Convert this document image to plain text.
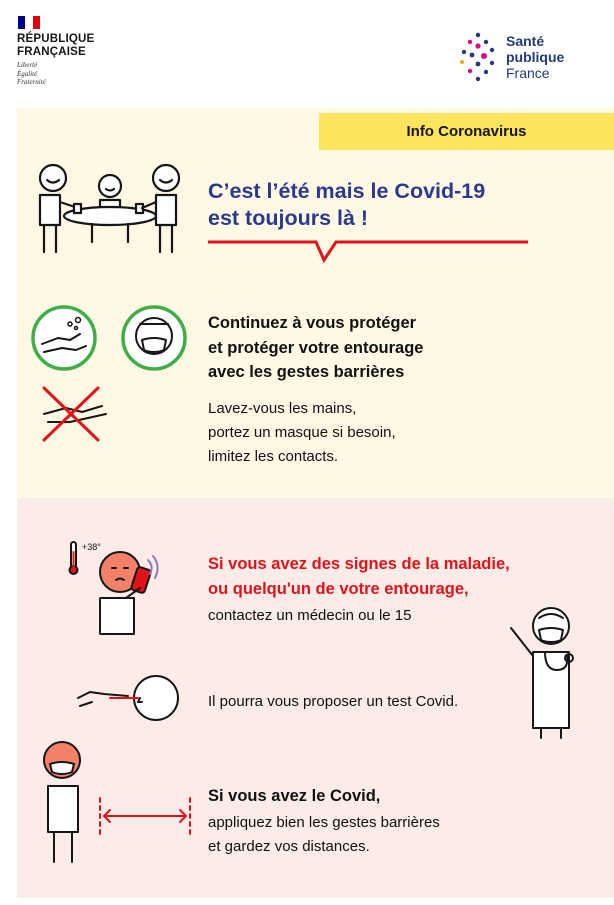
RÉPUBLIQUE
FRANÇAISE
Liberté
Égalité
Fraternité
Santé
publique
France
Info Coronavirus
C’est l’été mais le Covid-19
est toujours là !
Continuez à vous protéger
et protéger votre entourage
avec les gestes barrières
Lavez-vous les mains,
portez un masque si besoin,
limitez les contacts.
+38°
Si vous avez des signes de la maladie,
ou quelqu'un de votre entourage,
contactez un médecin ou le 15
Il pourra vous proposer un test Covid.
Si vous avez le Covid,
appliquez bien les gestes barrières
et gardez vos distances.
